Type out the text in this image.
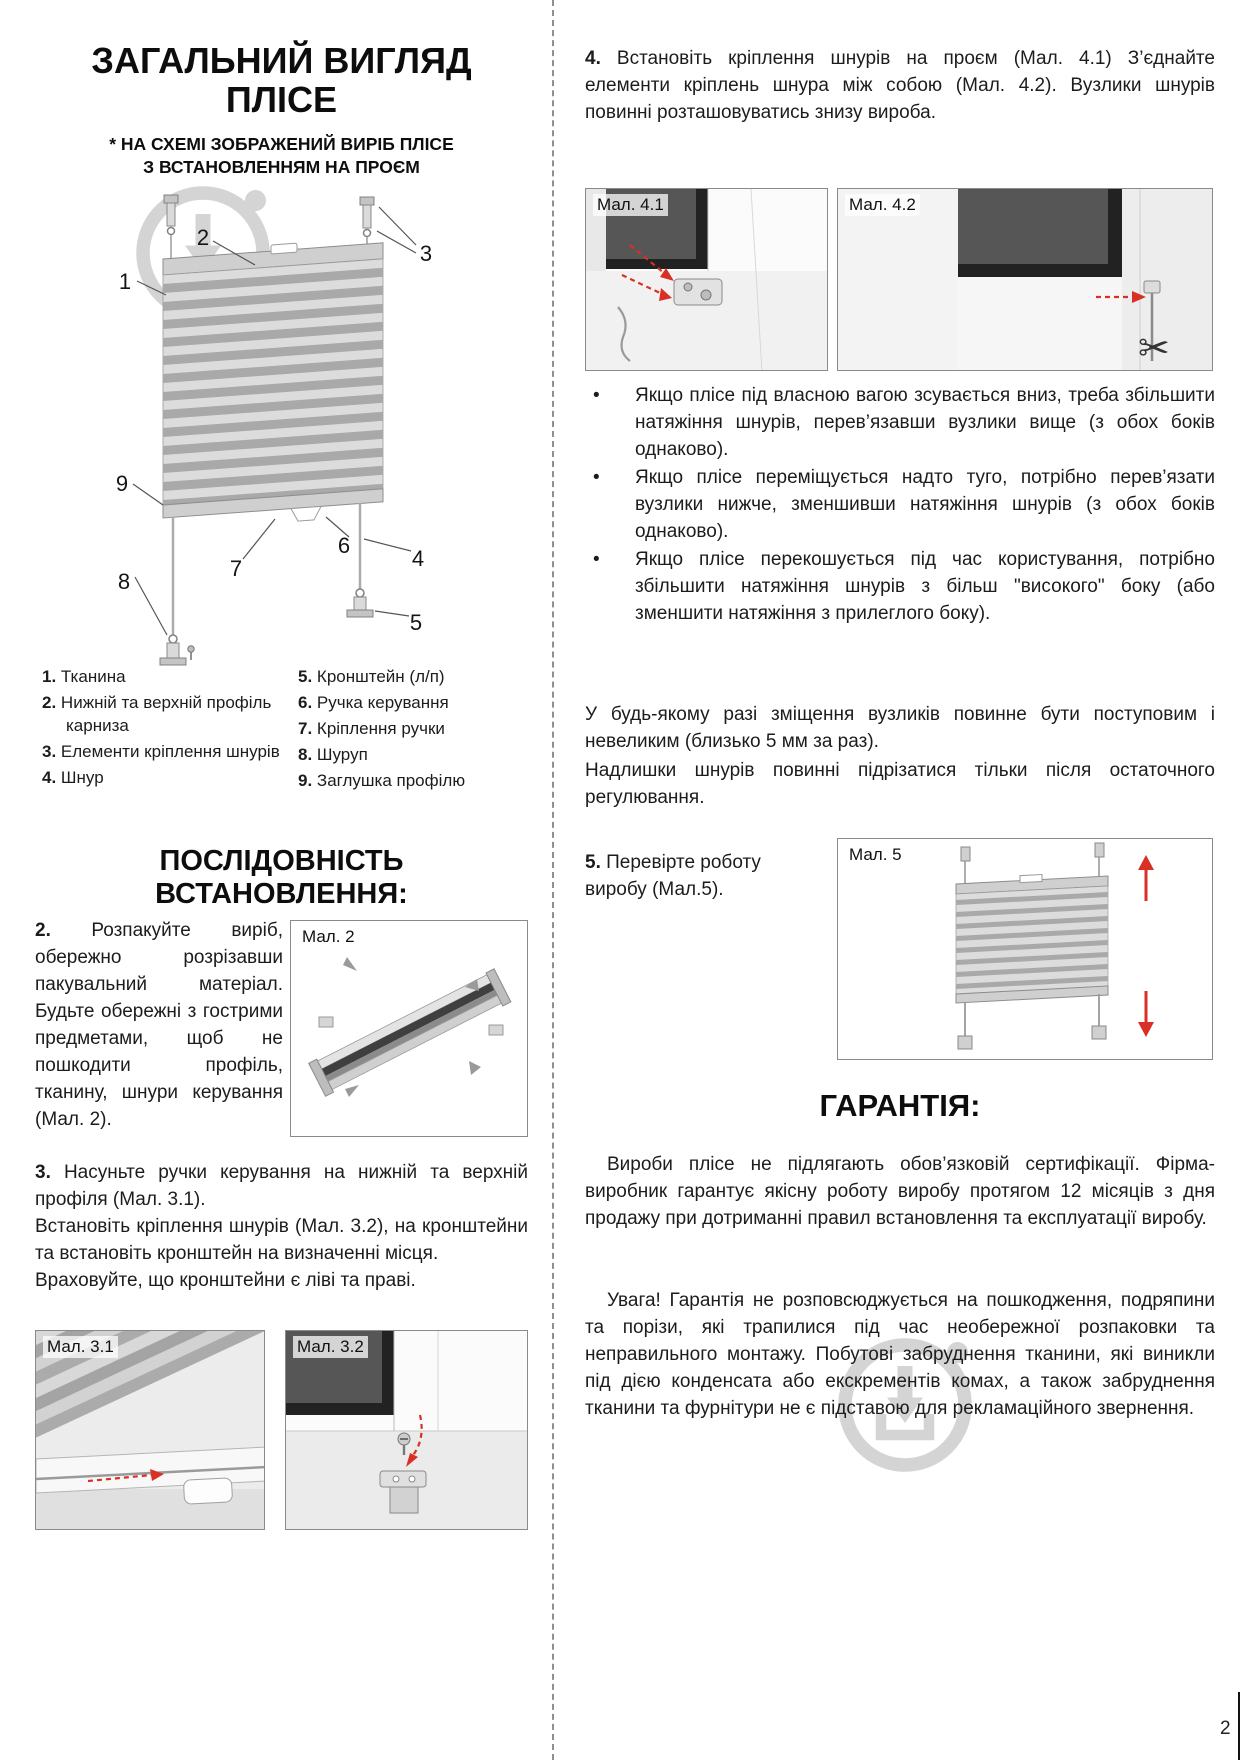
ЗАГАЛЬНИЙ ВИГЛЯД
ПЛІСЕ
* НА СХЕМІ ЗОБРАЖЕНИЙ ВИРІБ ПЛІСЕ
З ВСТАНОВЛЕННЯМ НА ПРОЄМ
1
2
3
4
5
6
7
8
9
1. Тканина
2. Нижній та верхній профіль карниза
3. Елементи кріплення шнурів
4. Шнур
5. Кронштейн (л/п)
6. Ручка керування
7. Кріплення ручки
8. Шуруп
9. Заглушка профілю
ПОСЛІДОВНІСТЬ ВСТАНОВЛЕННЯ:
2. Розпакуйте виріб, обережно розрізавши пакувальний матеріал. Будьте обережні з гострими предметами, щоб не пошкодити профіль, тканину, шнури керування (Мал. 2).
Мал. 2
3. Насуньте ручки керування на нижній та верхній профіля (Мал. 3.1).
Встановіть кріплення шнурів (Мал. 3.2), на кронштейни та встановіть кронштейн на визначенні місця.
Враховуйте, що кронштейни є ліві та праві.
Мал. 3.1	Мал. 3.2
4. Встановіть кріплення шнурів на проєм (Мал. 4.1) З’єднайте елементи кріплень шнура між собою (Мал. 4.2). Вузлики шнурів повинні розташовуватись знизу вироба.
Мал. 4.1	Мал. 4.2
✂
•	Якщо плісе під власною вагою зсувається вниз, треба збільшити натяжіння шнурів, перев’язавши вузлики вище (з обох боків однаково).
•	Якщо плісе переміщується надто туго, потрібно перев’язати вузлики нижче, зменшивши натяжіння шнурів (з обох боків однаково).
•	Якщо плісе перекошується під час користування, потрібно збільшити натяжіння шнурів з більш "високого" боку (або зменшити натяжіння з прилеглого боку).
У будь-якому разі зміщення вузликів повинне бути поступовим і невеликим (близько 5 мм за раз).
Надлишки шнурів повинні підрізатися тільки після остаточного регулювання.
5. Перевірте роботу виробу (Мал.5).
Мал. 5
ГАРАНТІЯ:
Вироби плісе не підлягають обов’язковій сертифікації. Фірма-виробник гарантує якісну роботу виробу протягом 12 місяців з дня продажу при дотриманні правил встановлення та експлуатації виробу.
Увага! Гарантія не розповсюджується на пошкодження, подряпини та порізи, які трапилися під час необережної розпаковки та неправильного монтажу. Побутові забруднення тканини, які виникли під дією конденсата або екскрементів комах, а також забруднення тканини та фурнітури не є підставою для рекламаційного звернення.
2
